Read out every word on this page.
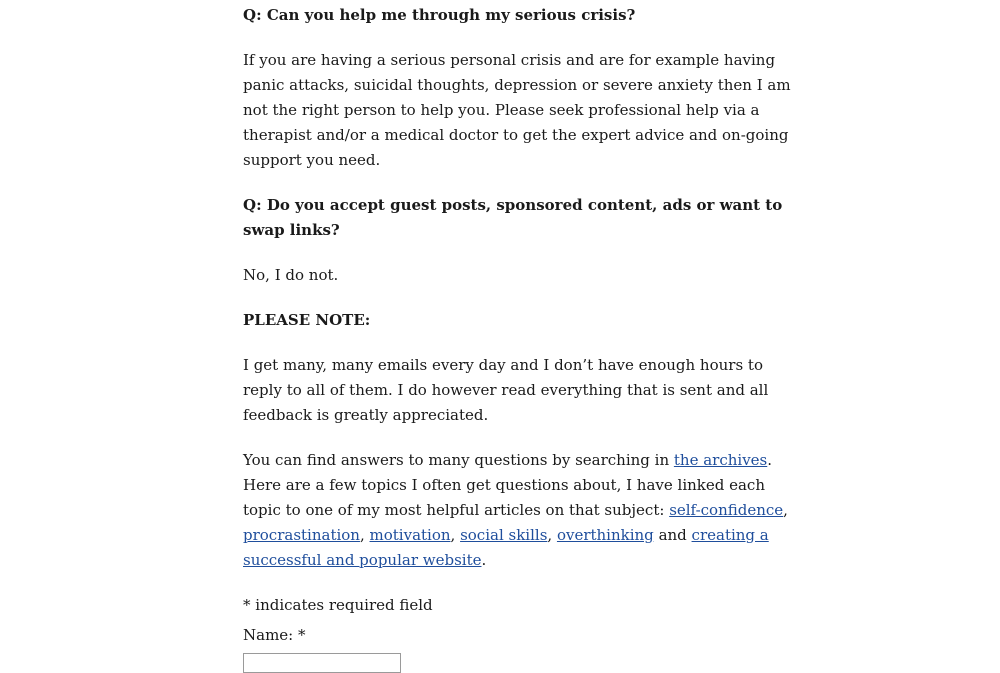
Q: Can you help me through my serious crisis?

If you are having a serious personal crisis and are for example having panic attacks, suicidal thoughts, depression or severe anxiety then I am not the right person to help you. Please seek professional help via a therapist and/or a medical doctor to get the expert advice and on-going support you need.

Q: Do you accept guest posts, sponsored content, ads or want to swap links?

No, I do not.

PLEASE NOTE:

I get many, many emails every day and I don’t have enough hours to reply to all of them. I do however read everything that is sent and all feedback is greatly appreciated.

You can find answers to many questions by searching in the archives. Here are a few topics I often get questions about, I have linked each topic to one of my most helpful articles on that subject: self-confidence, procrastination, motivation, social skills, overthinking and creating a successful and popular website.

* indicates required field

Name: *
